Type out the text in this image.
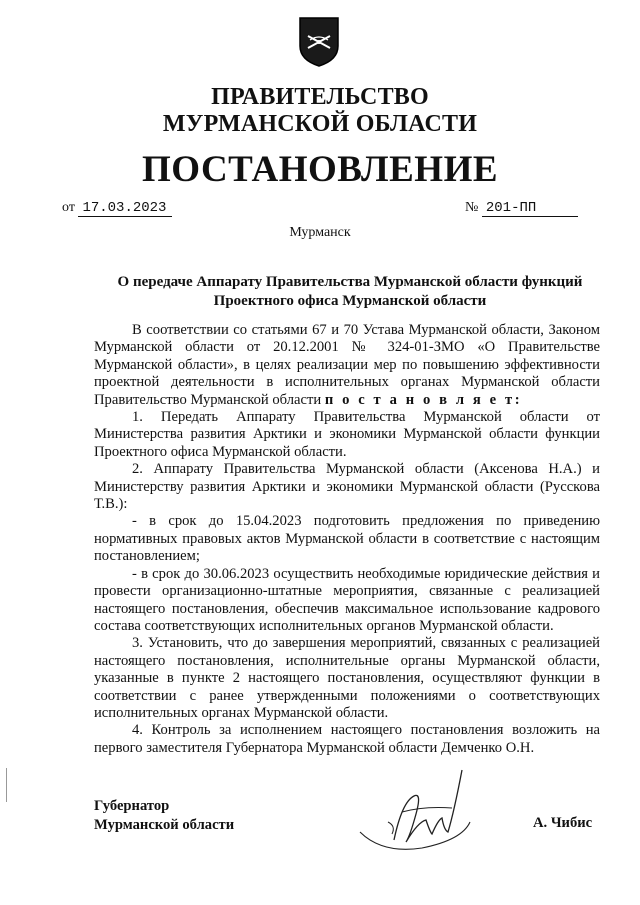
ПРАВИТЕЛЬСТВО
МУРМАНСКОЙ ОБЛАСТИ
ПОСТАНОВЛЕНИЕ
от 17.03.2023	№ 201-ПП
Мурманск
О передаче Аппарату Правительства Мурманской области функций
Проектного офиса Мурманской области

В соответствии со статьями 67 и 70 Устава Мурманской области, Законом Мурманской области от 20.12.2001 № 324-01-ЗМО «О Правительстве Мурманской области», в целях реализации мер по повышению эффективности проектной деятельности в исполнительных органах Мурманской области Правительство Мурманской области п о с т а н о в л я е т:

1. Передать Аппарату Правительства Мурманской области от Министерства развития Арктики и экономики Мурманской области функции Проектного офиса Мурманской области.

2. Аппарату Правительства Мурманской области (Аксенова Н.А.) и Министерству развития Арктики и экономики Мурманской области (Русскова Т.В.):

- в срок до 15.04.2023 подготовить предложения по приведению нормативных правовых актов Мурманской области в соответствие с настоящим постановлением;

- в срок до 30.06.2023 осуществить необходимые юридические действия и провести организационно-штатные мероприятия, связанные с реализацией настоящего постановления, обеспечив максимальное использование кадрового состава соответствующих исполнительных органов Мурманской области.

3. Установить, что до завершения мероприятий, связанных с реализацией настоящего постановления, исполнительные органы Мурманской области, указанные в пункте 2 настоящего постановления, осуществляют функции в соответствии с ранее утвержденными положениями о соответствующих исполнительных органах Мурманской области.

4. Контроль за исполнением настоящего постановления возложить на первого заместителя Губернатора Мурманской области Демченко О.Н.

Губернатор
Мурманской области	А. Чибис
